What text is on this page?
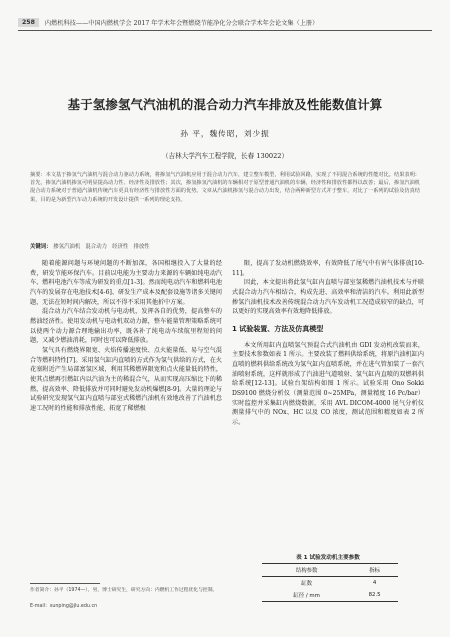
258	内燃机科技——中国内燃机学会 2017 年学术年会暨燃烧节能净化分会联合学术年会论文集（上册）
基于氢掺氢气汽油机的混合动力汽车排放及性能数值计算
孙 平，魏传昭，刘少振
（吉林大学汽车工程学院，长春 130022）
摘要：本文基于掺氢气汽油机与混合动力驱动力系统，将掺氢气汽油机应用于混合动力汽车，建立整车模型，利用试验回路，实现了不同混合系统的性能对比。结果表明：首先，掺氢汽油机掺氢可明显提高动力性、经济性及排放性；其次，掺氢掺氢汽油机的车辆相对于原型普通汽油机的车辆，经济性和排放性都得以改善；最后，掺氢汽油机混合动力系统对于普通汽油机传统汽车更具有经济性与排放性方面的优势。文章从汽油机掺氢与混合动力出发，结合两种新型方式并于整车，对比了一系列的试验及仿真结果，目的是为新型汽车动力系统的开发设计提供一系列的理论支持。
关键词： 掺氢汽油机 混合动力 经济性 排放性

随着能源问题与环境问题的不断加深，各国相继投入了大量的经费，研发节能环保汽车。目前以电能为主要动力来源的车辆如纯电动汽车、燃料电池汽车等成为研发的重点[1-3]。然而纯电动汽车和燃料电池汽车的发展存在电池技术[4-6]、研发生产成本及配套设施等诸多关键问题，无法在短时间内解决，所以不得不采用其他折中方案。

混合动力汽车结合发动机与电动机，发挥各自的优势，提高整车的燃油经济性。使用发动机与电动机双动力源，整车能量管理策略系统可以使两个动力源合理地输出功率，既各补了纯电动车续航里程短的问题，又减少燃油消耗，同时也可以降低排放。

氢气具有燃烧界限宽、火焰传播速度快、点火能量低、易与空气混合等燃料特性[7]。采用氢气缸内直喷的方式作为氢气供给的方式，在火花塞附近产生局部富氢区域，利用其稀燃界限宽和点火能量低的特性，使其点燃再引燃缸内以汽油为主的稀混合气，从而实现高压缩比下的稀燃，提高效率、降低排放并可同时避免发动机爆燃[8-9]。大量的理论与试验研究发现氢气缸内直喷与部室式稀燃汽油机有效地改善了汽油机怠速工况时的性能和排放性能，拓宽了稀燃极

限，提高了发动机燃烧效率，有效降低了尾气中有害气体排放[10-11]。

因此，本文提出将此氢气缸内直喷与部室氢稀燃汽油机技术与并联式混合动力汽车相结合，构成先进、高效率和清洁的汽车。利用此新型掺氢汽油机技术改善传统混合动力汽车发动机工况造成较窄的缺点，可以更好的实现高效率有效地降低排放。

1 试验装置、方法及仿真模型

本文所用缸内直喷氢气预混合式汽油机由 GDI 发动机改装而来，主要技术参数如表 1 所示。主要改装了燃料供给系统，将原汽油机缸内直喷的燃料供给系统改为氢气缸内直喷系统，并在进气管加装了一套汽油喷射系统，这样就形成了汽油进气道喷射、氢气缸内直喷的双燃料供给系统[12-13]。试验台架结构如图 1 所示。试验采用 Ono Sokki DS9100 燃烧分析仪（测量范围 0~25MPa，测量精度 16 Pc/bar）实时监控并采集缸内燃烧数据，采用 AVL DICOM-4000 尾气分析仪测量排气中的 NOx、HC 以及 CO 浓度，测试范围和精度如表 2 所示。

表 1 试验发动机主要参数
结构参数	指标
缸数	4
缸径 / mm	82.5
作者简介：孙平（1974—），男，博士研究生，研究方向：内燃机工作过程优化与控制。
E-mail：sunping@jlu.edu.cn
